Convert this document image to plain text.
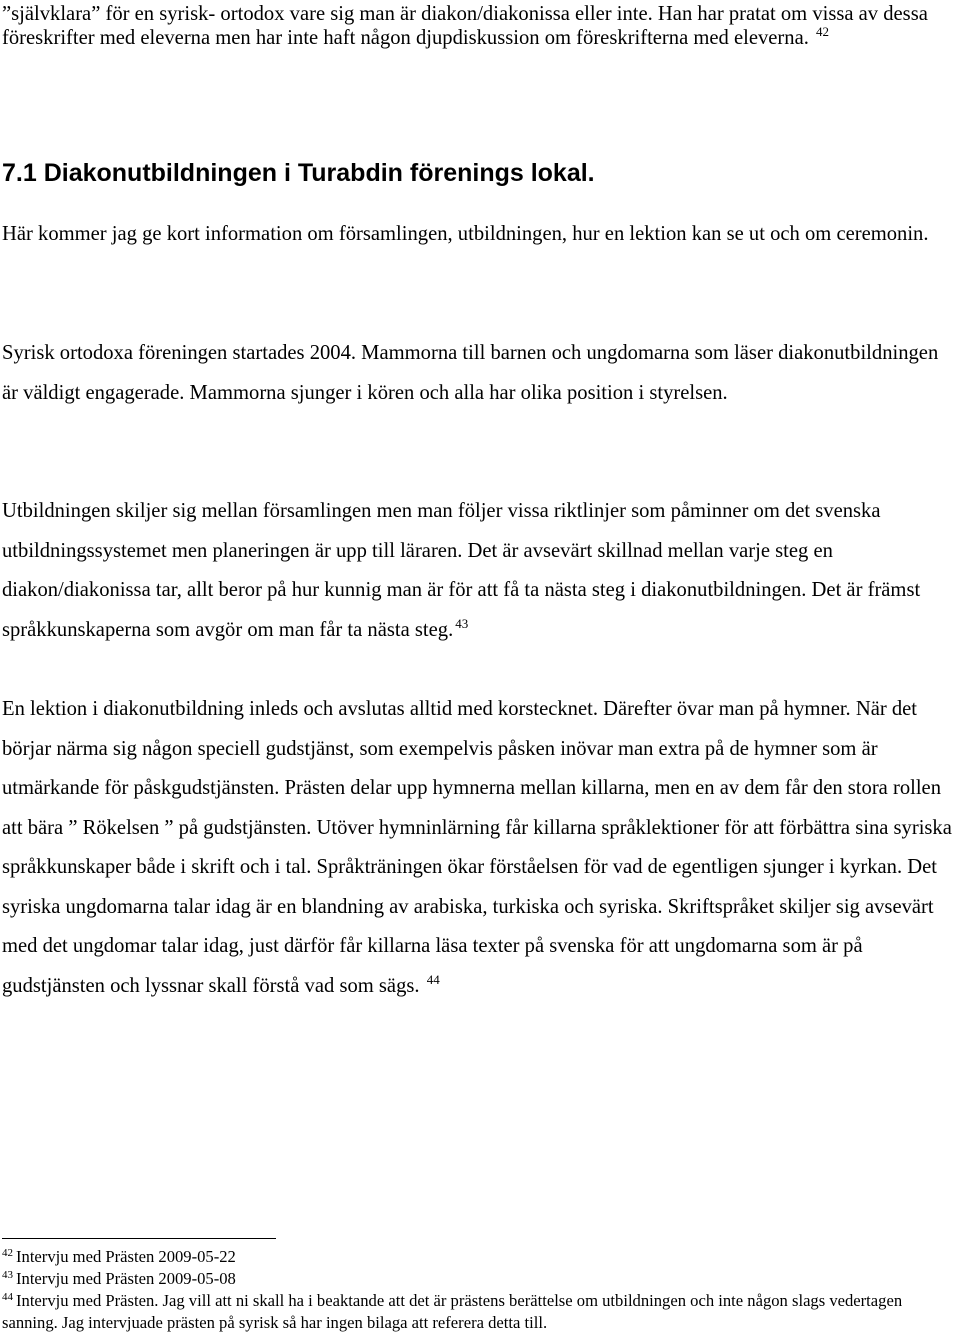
”självklara” för en syrisk- ortodox vare sig man är diakon/diakonissa eller inte. Han har pratat om vissa av dessa föreskrifter med eleverna men har inte haft någon djupdiskussion om föreskrifterna med eleverna. $^{42}$

7.1 Diakonutbildningen i Turabdin förenings lokal.

Här kommer jag ge kort information om församlingen, utbildningen, hur en lektion kan se ut och om ceremonin.

Syrisk ortodoxa föreningen startades 2004. Mammorna till barnen och ungdomarna som läser diakonutbildningen är väldigt engagerade. Mammorna sjunger i kören och alla har olika position i styrelsen.

Utbildningen skiljer sig mellan församlingen men man följer vissa riktlinjer som påminner om det svenska utbildningssystemet men planeringen är upp till läraren. Det är avsevärt skillnad mellan varje steg en diakon/diakonissa tar, allt beror på hur kunnig man är för att få ta nästa steg i diakonutbildningen. Det är främst språkkunskaperna som avgör om man får ta nästa steg. $^{43}$

En lektion i diakonutbildning inleds och avslutas alltid med korstecknet. Därefter övar man på hymner. När det börjar närma sig någon speciell gudstjänst, som exempelvis påsken inövar man extra på de hymner som är utmärkande för påskgudstjänsten. Prästen delar upp hymnerna mellan killarna, men en av dem får den stora rollen att bära ” Rökelsen ” på gudstjänsten. Utöver hymninlärning får killarna språklektioner för att förbättra sina syriska språkkunskaper både i skrift och i tal. Språkträningen ökar förståelsen för vad de egentligen sjunger i kyrkan. Det syriska ungdomarna talar idag är en blandning av arabiska, turkiska och syriska. Skriftspråket skiljer sig avsevärt med det ungdomar talar idag, just därför får killarna läsa texter på svenska för att ungdomarna som är på gudstjänsten och lyssnar skall förstå vad som sägs. $^{44}$

$^{42}$ Intervju med Prästen 2009-05-22

$^{43}$ Intervju med Prästen 2009-05-08

$^{44}$ Intervju med Prästen. Jag vill att ni skall ha i beaktande att det är prästens berättelse om utbildningen och inte någon slags vedertagen sanning. Jag intervjuade prästen på syrisk så har ingen bilaga att referera detta till.
